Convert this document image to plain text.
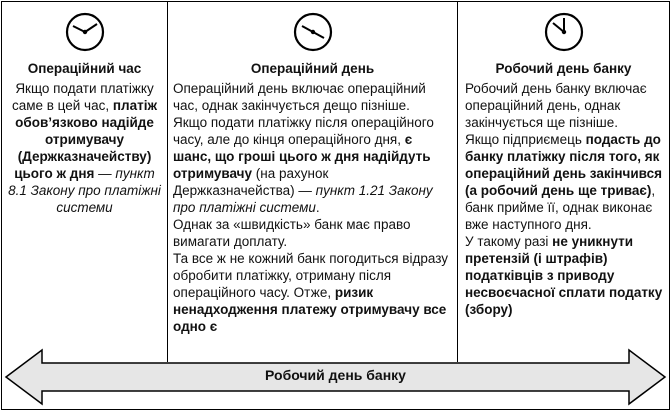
Операційний час
Якщо подати платіжку саме в цей час, платіж обов’язково надійде отримувачу (Держказначейству) цього ж дня — пункт 8.1 Закону про платіжні системи
Операційний день

Операційний день включає операційний час, однак закінчується дещо пізніше.

Якщо подати платіжку після операційного часу, але до кінця операційного дня, є шанс, що гроші цього ж дня надійдуть отримувачу (на рахунок Держказначейства) — пункт 1.21 Закону про платіжні системи.

Однак за «швидкість» банк має право вимагати доплату.

Та все ж не кожний банк погодиться відразу обробити платіжку, отриману після операційного часу. Отже, ризик ненадходження платежу отримувачу все одно є

Робочий день банку

Робочий день банку включає операційний день, однак закінчується ще пізніше.

Якщо підприємець подасть до банку платіжку після того, як операційний день закінчився (а робочий день ще триває), банк прийме її, однак виконає вже наступного дня.

У такому разі не уникнути претензій (і штрафів) податківців з приводу несвоєчасної сплати податку (збору)

Робочий день банку
